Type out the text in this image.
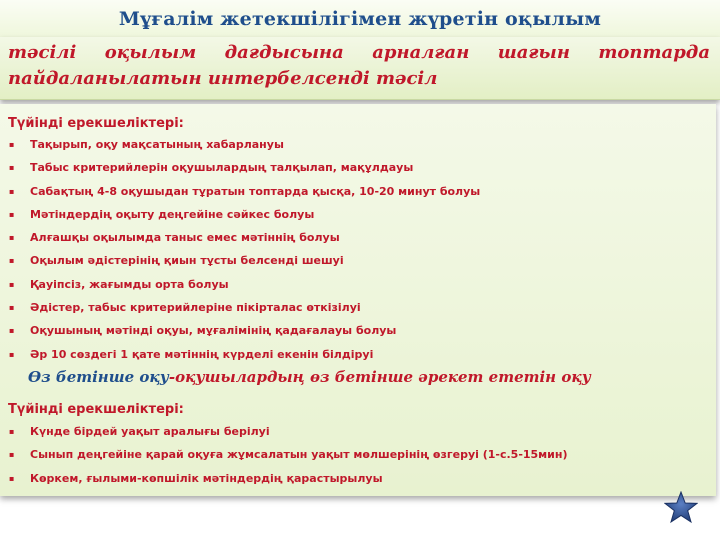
Мұғалім жетекшілігімен жүретін оқылым
тәсілі оқылым дағдысына арналған шағын топтарда пайдаланылатын интербелсенді тәсіл
Түйінді ерекшеліктері:
▪ Тақырып, оқу мақсатының хабарлануы
▪ Табыс критерийлерін оқушылардың талқылап, мақұлдауы
▪ Сабақтың 4-8 оқушыдан тұратын топтарда қысқа, 10-20 минут болуы
▪ Мәтіндердің оқыту деңгейіне сәйкес болуы
▪ Алғашқы оқылымда таныс емес мәтіннің болуы
▪ Оқылым әдістерінің қиын тұсты белсенді шешуі
▪ Қауіпсіз, жағымды орта болуы
▪ Әдістер, табыс критерийлеріне пікірталас өткізілуі
▪ Оқушының мәтінді оқуы, мұғалімінің қадағалауы болуы
▪ Әр 10 сөздегі 1 қате мәтіннің күрделі екенін білдіруі
Өз бетінше оқу-оқушылардың өз бетінше әрекет ететін оқу
Түйінді ерекшеліктері:
▪ Күнде бірдей уақыт аралығы берілуі
▪ Сынып деңгейіне қарай оқуға жұмсалатын уақыт мөлшерінің өзгеруі (1-с.5-15мин)
▪ Көркем, ғылыми-көпшілік мәтіндердің қарастырылуы
